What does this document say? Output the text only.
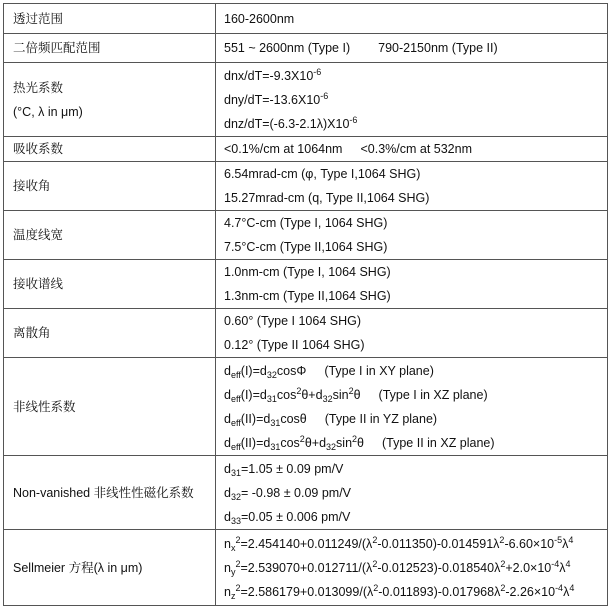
透过范围	160-2600nm
二倍频匹配范围	551 ~ 2600nm (Type I) 790-2150nm (Type II)

热光系数
(°C, λ in μm)	dnx/$dT=-9.3X10^{-6}$
dny/$dT=-13.6X10^{-6}$
dnz/$dT=(-6.3-2.1\lambda)X10^{-6}$

吸收系数	<0.1%/cm at 1064nm <0.3%/cm at 532nm
接收角	6.54mrad-cm (φ, Type I,1064 SHG)
15.27mrad-cm (q, Type II,1064 SHG)

温度线宽	4.7°C-cm (Type I, 1064 SHG)
7.5°C-cm (Type II,1064 SHG)

接收谱线	1.0nm-cm (Type I, 1064 SHG)
1.3nm-cm (Type II,1064 SHG)

离散角	0.60° (Type I 1064 SHG)
0.12° (Type II 1064 SHG)

非线性系数	$d_{eff}(I)=d_{32}\cos\Phi$ (Type I in XY plane)
$d_{eff}(I)=d_{31}\cos^2\theta+d_{32}\sin^2\theta$ (Type I in XZ plane)
$d_{eff}(II)=d_{31}\cos\theta$ (Type II in YZ plane)
$d_{eff}(II)=d_{31}\cos^2\theta+d_{32}\sin^2\theta$ (Type II in XZ plane)

Non-vanished 非线性性磁化系数	$d_{31}=1.05 \pm 0.09$ pm/V
$d_{32}= -0.98 \pm 0.09$ pm/V
$d_{33}=0.05 \pm 0.006$ pm/V

Sellmeier 方程(λ in μm)	$n_x^2=2.454140+0.011249/(\lambda^2-0.011350)-0.014591\lambda^2-6.60\times 10^{-5}\lambda^4$
$n_y^2=2.539070+0.012711/(\lambda^2-0.012523)-0.018540\lambda^2+2.0\times 10^{-4}\lambda^4$
$n_z^2=2.586179+0.013099/(\lambda^2-0.011893)-0.017968\lambda^2-2.26\times 10^{-4}\lambda^4$
